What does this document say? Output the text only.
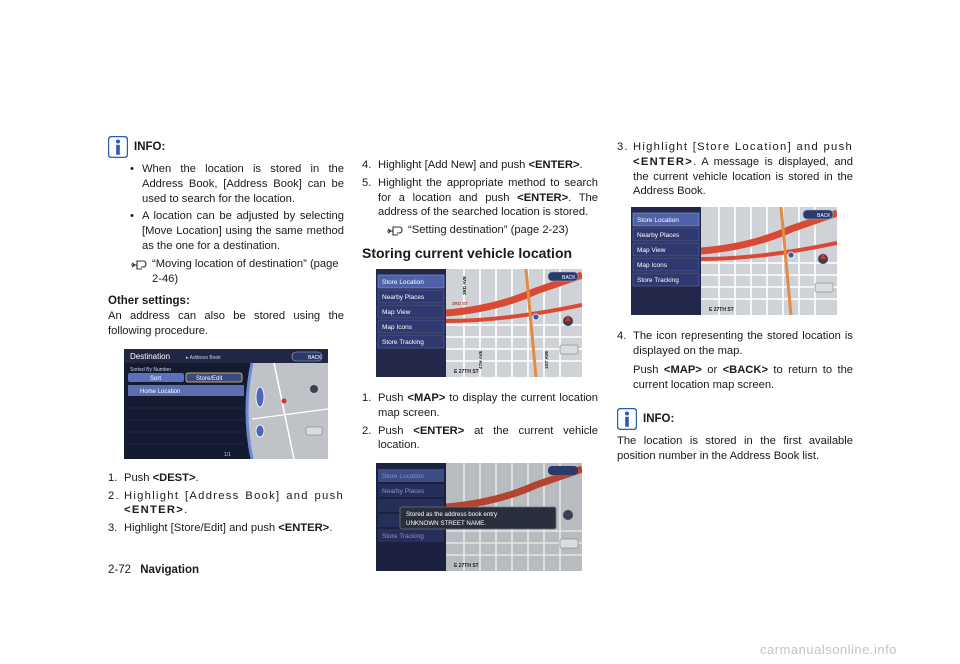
INFO:
• When the location is stored in the Address Book, [Address Book] can be used to search for the location.
• A location can be adjusted by selecting [Move Location] using the same method as the one for a destination.
“Moving location of destination” (page 2-46)
Other settings:
An address can also be stored using the following procedure.
Destination	▸ Address Book	BACK
Sorted By Number
Sort	Store/Edit
Home Location
1/1
1. Push <DEST>.
2. Highlight [Address Book] and push <ENTER>.
3. Highlight [Store/Edit] and push <ENTER>.
4. Highlight [Add New] and push <ENTER>.
5. Highlight the appropriate method to search for a location and push <ENTER>. The address of the searched location is stored.
“Setting destination” (page 2-23)
Storing current vehicle location
Store Location
Nearby Places
Map View
Map Icons
Store Tracking
BACK
E 27TH ST
3RD ST
3RD AVE
4TH AVE	1ST AVE
1. Push <MAP> to display the current location map screen.
2. Push <ENTER> at the current vehicle location.
Store Location
Nearby Places
Store Tracking
Stored as the address book entry
UNKNOWN STREET NAME.
E 27TH ST
3. Highlight [Store Location] and push <ENTER>. A message is displayed, and the current vehicle location is stored in the Address Book.
Store Location
Nearby Places
Map View
Map Icons
Store Tracking
BACK
E 27TH ST
4. The icon representing the stored location is displayed on the map.
Push <MAP> or <BACK> to return to the current location map screen.
INFO:
The location is stored in the first available position number in the Address Book list.
2-72 Navigation
carmanualsonline.info
